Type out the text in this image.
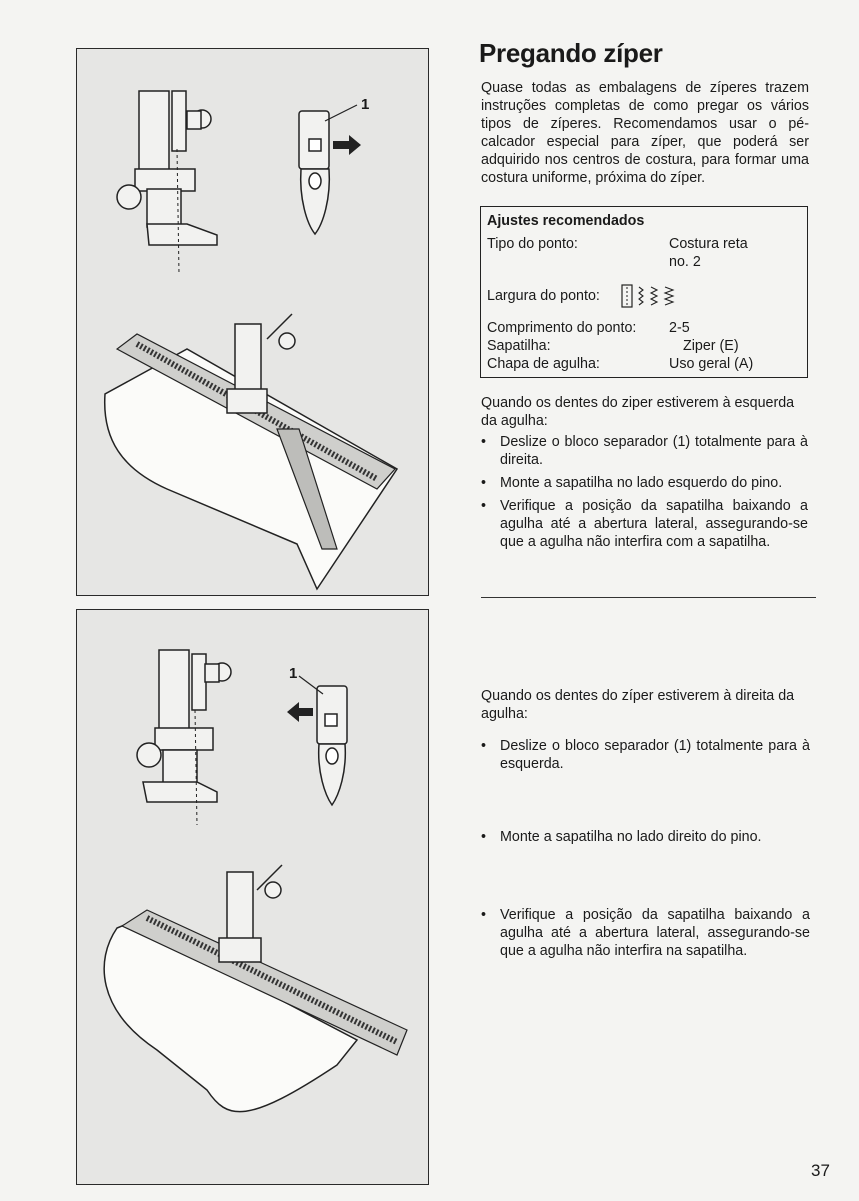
1
1
Pregando zíper
Quase todas as embalagens de zíperes trazem instruções completas de como pregar os vários tipos de zíperes. Recomendamos usar o pé-calcador especial para zíper, que poderá ser adquirido nos centros de costura, para formar uma costura uniforme, próxima do zíper.
Ajustes recomendados
Tipo do ponto:	Costura reta
no. 2
Largura do ponto:
Comprimento do ponto: 2-5
Sapatilha:	Ziper (E)
Chapa de agulha:	Uso geral (A)
Quando os dentes do ziper estiverem à esquerda da agulha:
• Deslize o bloco separador (1) totalmente para à direita.
• Monte a sapatilha no lado esquerdo do pino.
• Verifique a posição da sapatilha baixando a agulha até a abertura lateral, assegurando-se que a agulha não interfira com a sapatilha.
Quando os dentes do zíper estiverem à direita da agulha:
• Deslize o bloco separador (1) totalmente para à esquerda.
• Monte a sapatilha no lado direito do pino.
• Verifique a posição da sapatilha baixando a agulha até a abertura lateral, assegurando-se que a agulha não interfira na sapatilha.
37
